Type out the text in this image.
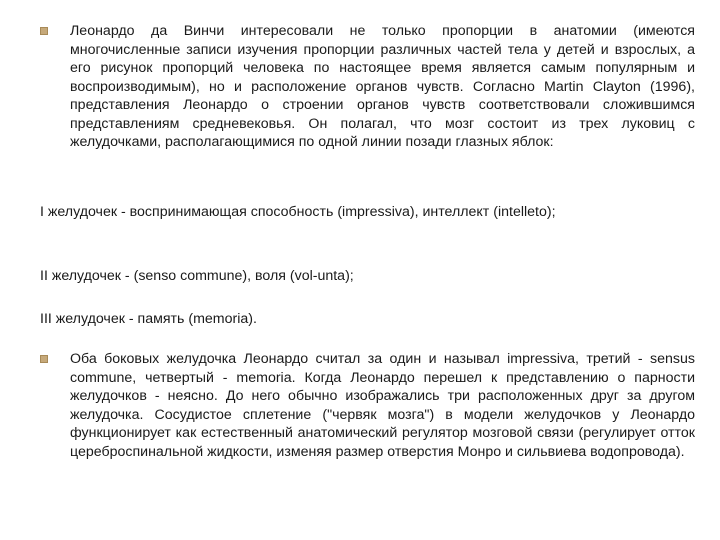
Леонардо да Винчи интересовали не только пропорции в анатомии (имеются многочисленные записи изучения пропорции различных частей тела у детей и взрослых, а его рисунок пропорций человека по настоящее время является самым популярным и воспроизводимым), но и расположение органов чувств. Согласно Martin Clayton (1996), представления Леонардо о строении органов чувств соответствовали сложившимся представлениям средневековья. Он полагал, что мозг состоит из трех луковиц с желудочками, располагающимися по одной линии позади глазных яблок:
I желудочек - воспринимающая способность (impressiva), интеллект (intelleto);
II желудочек - (senso commune), воля (vol-unta);
III желудочек - память (memoria).
Оба боковых желудочка Леонардо считал за один и называл impressiva, третий - sensus commune, четвертый - memoria. Когда Леонардо перешел к представлению о парности желудочков - неясно. До него обычно изображались три расположенных друг за другом желудочка. Сосудистое сплетение ("червяк мозга") в модели желудочков у Леонардо функционирует как естественный анатомический регулятор мозговой связи (регулирует отток цереброспинальной жидкости, изменяя размер отверстия Монро и сильвиева водопровода).
